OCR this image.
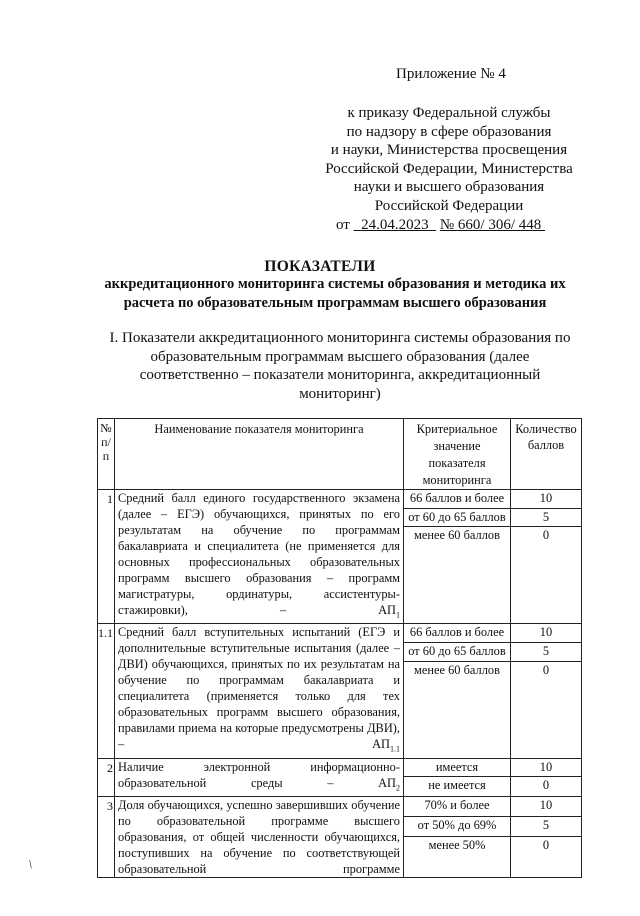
Приложение № 4
к приказу Федеральной службы
по надзору в сфере образования
и науки, Министерства просвещения
Российской Федерации, Министерства
науки и высшего образования
Российской Федерации
от 24.04.2023 № 660/ 306/ 448
ПОКАЗАТЕЛИ
аккредитационного мониторинга системы образования и методика их расчета по образовательным программам высшего образования
I. Показатели аккредитационного мониторинга системы образования по образовательным программам высшего образования (далее соответственно – показатели мониторинга, аккредитационный мониторинг)
№ п/п	Наименование показателя мониторинга	Критериальное значение показателя мониторинга	Количество баллов
1	Средний балл единого государственного экзамена (далее – ЕГЭ) обучающихся, принятых по его результатам на обучение по программам бакалавриата и специалитета (не применяется для основных профессиональных образовательных программ высшего образования – программ магистратуры, ординатуры, ассистентуры-стажировки), – $АП_1$	66 баллов и более	10
		от 60 до 65 баллов	5
		менее 60 баллов	0
1.1	Средний балл вступительных испытаний (ЕГЭ и дополнительные вступительные испытания (далее – ДВИ) обучающихся, принятых по их результатам на обучение по программам бакалавриата и специалитета (применяется только для тех образовательных программ высшего образования, правилами приема на которые предусмотрены ДВИ), – $АП_{1.1}$	66 баллов и более	10
		от 60 до 65 баллов	5
		менее 60 баллов	0
2	Наличие электронной информационно-образовательной среды – $АП_2$	имеется	10
		не имеется	0
3	Доля обучающихся, успешно завершивших обучение по образовательной программе высшего образования, от общей численности обучающихся, поступивших на обучение по соответствующей образовательной программе	70% и более	10
		от 50% до 69%	5
		менее 50%	0
/
